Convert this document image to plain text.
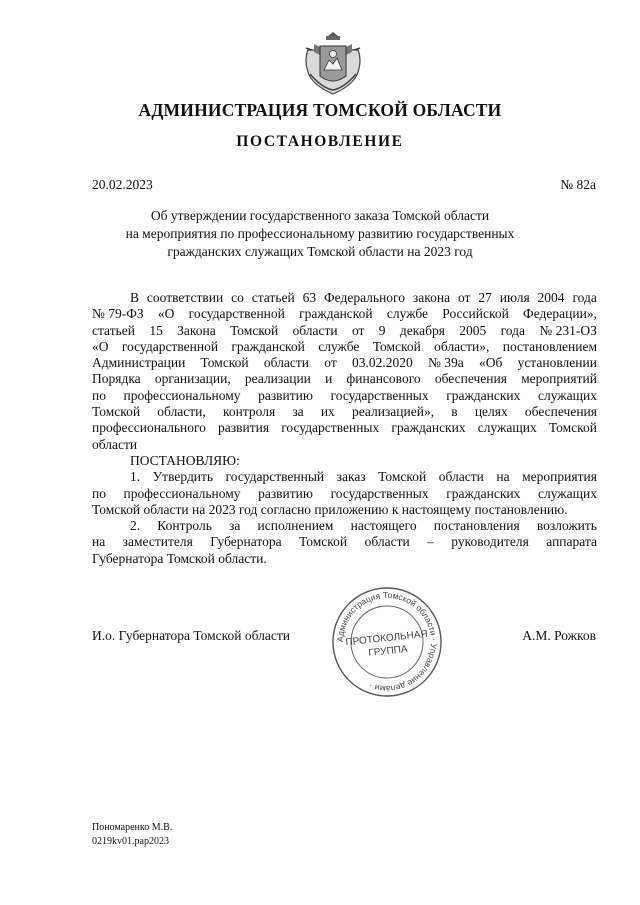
АДМИНИСТРАЦИЯ ТОМСКОЙ ОБЛАСТИ
ПОСТАНОВЛЕНИЕ
20.02.2023	№ 82а
Об утверждении государственного заказа Томской области
на мероприятия по профессиональному развитию государственных
гражданских служащих Томской области на 2023 год
В соответствии со статьей 63 Федерального закона от 27 июля 2004 года
№ 79-ФЗ «О государственной гражданской службе Российской Федерации»,
статьей 15 Закона Томской области от 9 декабря 2005 года № 231-ОЗ
«О государственной гражданской службе Томской области», постановлением
Администрации Томской области от 03.02.2020 № 39а «Об установлении
Порядка организации, реализации и финансового обеспечения мероприятий
по профессиональному развитию государственных гражданских служащих
Томской области, контроля за их реализацией», в целях обеспечения
профессионального развития государственных гражданских служащих Томской
области
ПОСТАНОВЛЯЮ:
1. Утвердить государственный заказ Томской области на мероприятия
по профессиональному развитию государственных гражданских служащих
Томской области на 2023 год согласно приложению к настоящему постановлению.
2. Контроль за исполнением настоящего постановления возложить
на заместителя Губернатора Томской области – руководителя аппарата
Губернатора Томской области.
И.о. Губернатора Томской области	А.М. Рожков
Администрация Томской области · Управление делами ·
ПРОТОКОЛЬНАЯ
ГРУППА
Пономаренко М.В.
0219kv01.pap2023
